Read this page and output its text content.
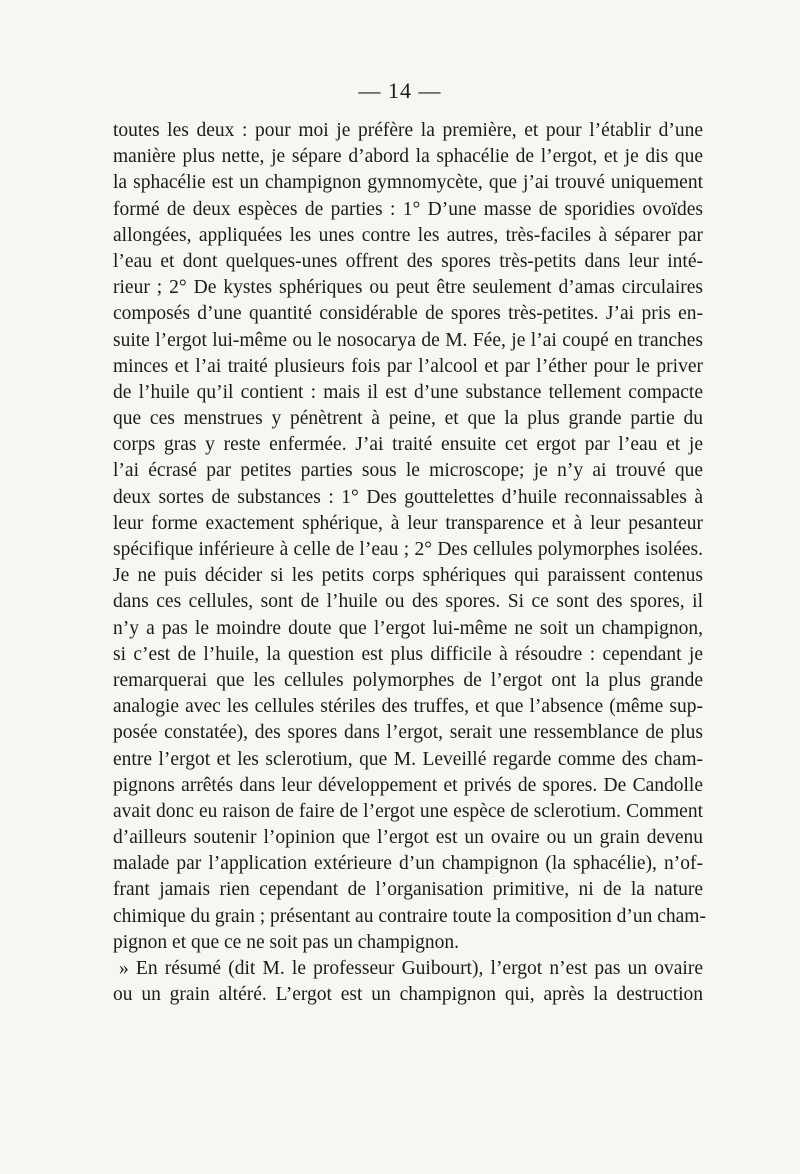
— 14 —
toutes les deux : pour moi je préfère la première, et pour l’établir d’une
manière plus nette, je sépare d’abord la sphacélie de l’ergot, et je dis que
la sphacélie est un champignon gymnomycète, que j’ai trouvé uniquement
formé de deux espèces de parties : 1° D’une masse de sporidies ovoïdes
allongées, appliquées les unes contre les autres, très-faciles à séparer par
l’eau et dont quelques-unes offrent des spores très-petits dans leur inté-
rieur ; 2° De kystes sphériques ou peut être seulement d’amas circulaires
composés d’une quantité considérable de spores très-petites. J’ai pris en-
suite l’ergot lui-même ou le nosocarya de M. Fée, je l’ai coupé en tranches
minces et l’ai traité plusieurs fois par l’alcool et par l’éther pour le priver
de l’huile qu’il contient : mais il est d’une substance tellement compacte
que ces menstrues y pénètrent à peine, et que la plus grande partie du
corps gras y reste enfermée. J’ai traité ensuite cet ergot par l’eau et je
l’ai écrasé par petites parties sous le microscope; je n’y ai trouvé que
deux sortes de substances : 1° Des gouttelettes d’huile reconnaissables à
leur forme exactement sphérique, à leur transparence et à leur pesanteur
spécifique inférieure à celle de l’eau ; 2° Des cellules polymorphes isolées.
Je ne puis décider si les petits corps sphériques qui paraissent contenus
dans ces cellules, sont de l’huile ou des spores. Si ce sont des spores, il
n’y a pas le moindre doute que l’ergot lui-même ne soit un champignon,
si c’est de l’huile, la question est plus difficile à résoudre : cependant je
remarquerai que les cellules polymorphes de l’ergot ont la plus grande
analogie avec les cellules stériles des truffes, et que l’absence (même sup-
posée constatée), des spores dans l’ergot, serait une ressemblance de plus
entre l’ergot et les sclerotium, que M. Leveillé regarde comme des cham-
pignons arrêtés dans leur développement et privés de spores. De Candolle
avait donc eu raison de faire de l’ergot une espèce de sclerotium. Comment
d’ailleurs soutenir l’opinion que l’ergot est un ovaire ou un grain devenu
malade par l’application extérieure d’un champignon (la sphacélie), n’of-
frant jamais rien cependant de l’organisation primitive, ni de la nature
chimique du grain ; présentant au contraire toute la composition d’un cham-
pignon et que ce ne soit pas un champignon.
» En résumé (dit M. le professeur Guibourt), l’ergot n’est pas un ovaire
ou un grain altéré. L’ergot est un champignon qui, après la destruction
